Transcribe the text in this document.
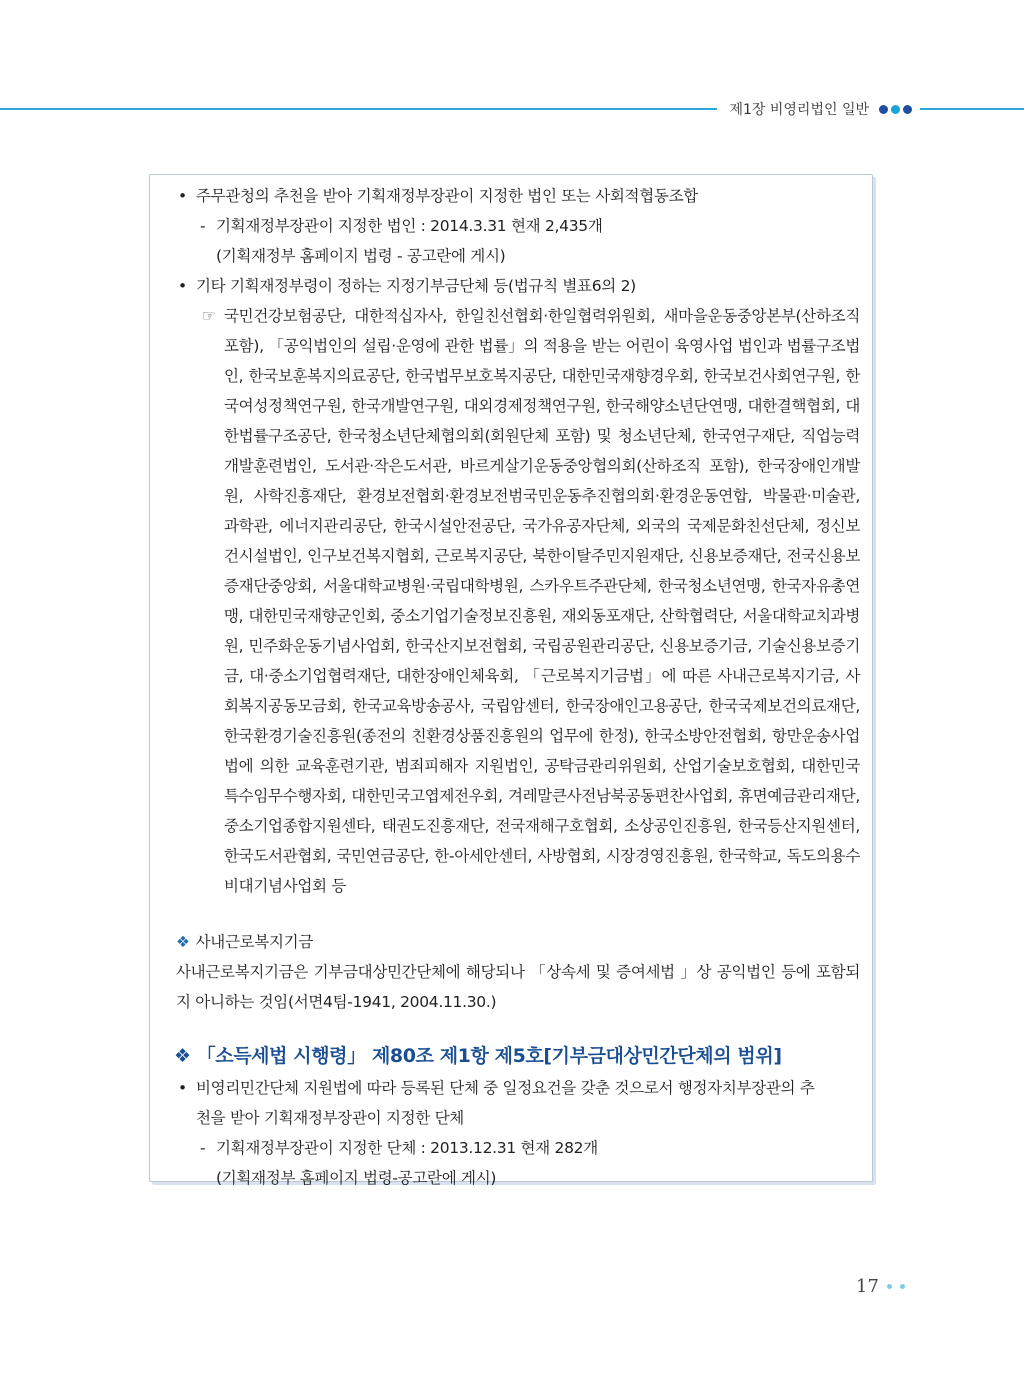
제1장 비영리법인 일반
• 주무관청의 추천을 받아 기획재정부장관이 지정한 법인 또는 사회적협동조합
- 기획재정부장관이 지정한 법인 : 2014.3.31 현재 2,435개
(기획재정부 홈페이지 법령 - 공고란에 게시)
• 기타 기획재정부령이 정하는 지정기부금단체 등(법규칙 별표6의 2)
☞ 국민건강보험공단, 대한적십자사, 한일친선협회·한일협력위원회, 새마을운동중앙본부(산하조직 포함), 「공익법인의 설립·운영에 관한 법률」의 적용을 받는 어린이 육영사업 법인과 법률구조법인, 한국보훈복지의료공단, 한국법무보호복지공단, 대한민국재향경우회, 한국보건사회연구원, 한국여성정책연구원, 한국개발연구원, 대외경제정책연구원, 한국해양소년단연맹, 대한결핵협회, 대한법률구조공단, 한국청소년단체협의회(회원단체 포함) 및 청소년단체, 한국연구재단, 직업능력개발훈련법인, 도서관·작은도서관, 바르게살기운동중앙협의회(산하조직 포함), 한국장애인개발원, 사학진흥재단, 환경보전협회·환경보전범국민운동추진협의회·환경운동연합, 박물관·미술관, 과학관, 에너지관리공단, 한국시설안전공단, 국가유공자단체, 외국의 국제문화친선단체, 정신보건시설법인, 인구보건복지협회, 근로복지공단, 북한이탈주민지원재단, 신용보증재단, 전국신용보증재단중앙회, 서울대학교병원·국립대학병원, 스카우트주관단체, 한국청소년연맹, 한국자유총연맹, 대한민국재향군인회, 중소기업기술정보진흥원, 재외동포재단, 산학협력단, 서울대학교치과병원, 민주화운동기념사업회, 한국산지보전협회, 국립공원관리공단, 신용보증기금, 기술신용보증기금, 대·중소기업협력재단, 대한장애인체육회, 「근로복지기금법」에 따른 사내근로복지기금, 사회복지공동모금회, 한국교육방송공사, 국립암센터, 한국장애인고용공단, 한국국제보건의료재단, 한국환경기술진흥원(종전의 친환경상품진흥원의 업무에 한정), 한국소방안전협회, 항만운송사업법에 의한 교육훈련기관, 범죄피해자 지원법인, 공탁금관리위원회, 산업기술보호협회, 대한민국특수임무수행자회, 대한민국고엽제전우회, 겨레말큰사전남북공동편찬사업회, 휴면예금관리재단, 중소기업종합지원센타, 태권도진흥재단, 전국재해구호협회, 소상공인진흥원, 한국등산지원센터, 한국도서관협회, 국민연금공단, 한-아세안센터, 사방협회, 시장경영진흥원, 한국학교, 독도의용수비대기념사업회 등
❖ 사내근로복지기금
사내근로복지기금은 기부금대상민간단체에 해당되나 「상속세 및 증여세법 」상 공익법인 등에 포함되지 아니하는 것임(서면4팀-1941, 2004.11.30.)
❖ 「소득세법 시행령」 제80조 제1항 제5호[기부금대상민간단체의 범위]
• 비영리민간단체 지원법에 따라 등록된 단체 중 일정요건을 갖춘 것으로서 행정자치부장관의 추
천을 받아 기획재정부장관이 지정한 단체
- 기획재정부장관이 지정한 단체 : 2013.12.31 현재 282개
(기획재정부 홈페이지 법령-공고란에 게시)
17
